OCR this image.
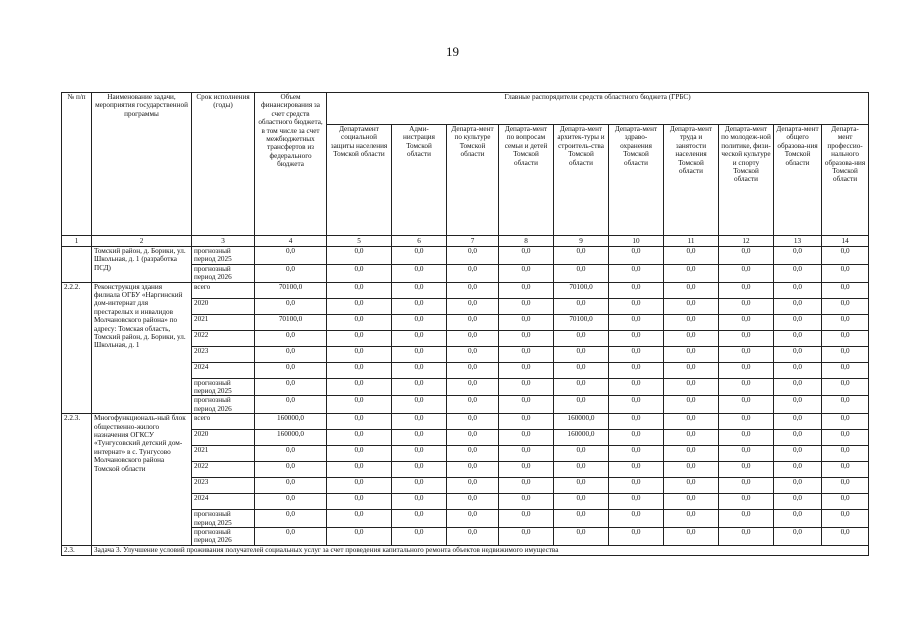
19
№ п/п	Наименование задачи, мероприятия государственной программы	Срок исполнения (годы)	Объем финансирования за счет средств областного бюджета, в том числе за счет межбюджетных трансфертов из федерального бюджета	Главные распорядители средств областного бюджета (ГРБС)									
				Департамент социальной защиты населения Томской области	Адми-нистрация Томской области	Департа-мент по культуре Томской области	Департа-мент по вопросам семьи и детей Томской области	Департа-мент архитек-туры и строитель-ства Томской области	Департа-мент здраво-охранения Томской области	Департа-мент труда и занятости населения Томской области	Департа-мент по молодеж-ной политике, физи-ческой культуре и спорту Томской области	Департа-мент общего образова-ния Томской области	Департа-мент профессио-нального образова-ния Томской области
1	2	3	4	5	6	7	8	9	10	11	12	13	14
	Томский район, д. Борики, ул. Школьная, д. 1 (разработка ПСД)	прогнозный период 2025	0,0	0,0	0,0	0,0	0,0	0,0	0,0	0,0	0,0	0,0	0,0
		прогнозный период 2026	0,0	0,0	0,0	0,0	0,0	0,0	0,0	0,0	0,0	0,0	0,0
2.2.2.	Реконструкция здания филиала ОГБУ «Наргинский дом-интернат для престарелых и инвалидов Молчановского района» по адресу: Томская область, Томский район, д. Борики, ул. Школьная, д. 1	всего	70100,0	0,0	0,0	0,0	0,0	70100,0	0,0	0,0	0,0	0,0	0,0
		2020	0,0	0,0	0,0	0,0	0,0	0,0	0,0	0,0	0,0	0,0	0,0
		2021	70100,0	0,0	0,0	0,0	0,0	70100,0	0,0	0,0	0,0	0,0	0,0
		2022	0,0	0,0	0,0	0,0	0,0	0,0	0,0	0,0	0,0	0,0	0,0
		2023	0,0	0,0	0,0	0,0	0,0	0,0	0,0	0,0	0,0	0,0	0,0
		2024	0,0	0,0	0,0	0,0	0,0	0,0	0,0	0,0	0,0	0,0	0,0
		прогнозный период 2025	0,0	0,0	0,0	0,0	0,0	0,0	0,0	0,0	0,0	0,0	0,0
		прогнозный период 2026	0,0	0,0	0,0	0,0	0,0	0,0	0,0	0,0	0,0	0,0	0,0
2.2.3.	Многофункциональ-ный блок общественно-жилого назначения ОГКСУ «Тунгусовский детский дом-интернат» в с. Тунгусово Молчановского района Томской области	всего	160000,0	0,0	0,0	0,0	0,0	160000,0	0,0	0,0	0,0	0,0	0,0
		2020	160000,0	0,0	0,0	0,0	0,0	160000,0	0,0	0,0	0,0	0,0	0,0
		2021	0,0	0,0	0,0	0,0	0,0	0,0	0,0	0,0	0,0	0,0	0,0
		2022	0,0	0,0	0,0	0,0	0,0	0,0	0,0	0,0	0,0	0,0	0,0
		2023	0,0	0,0	0,0	0,0	0,0	0,0	0,0	0,0	0,0	0,0	0,0
		2024	0,0	0,0	0,0	0,0	0,0	0,0	0,0	0,0	0,0	0,0	0,0
		прогнозный период 2025	0,0	0,0	0,0	0,0	0,0	0,0	0,0	0,0	0,0	0,0	0,0
		прогнозный период 2026	0,0	0,0	0,0	0,0	0,0	0,0	0,0	0,0	0,0	0,0	0,0
2.3.	Задача 3. Улучшение условий проживания получателей социальных услуг за счет проведения капитального ремонта объектов недвижимого имущества												
